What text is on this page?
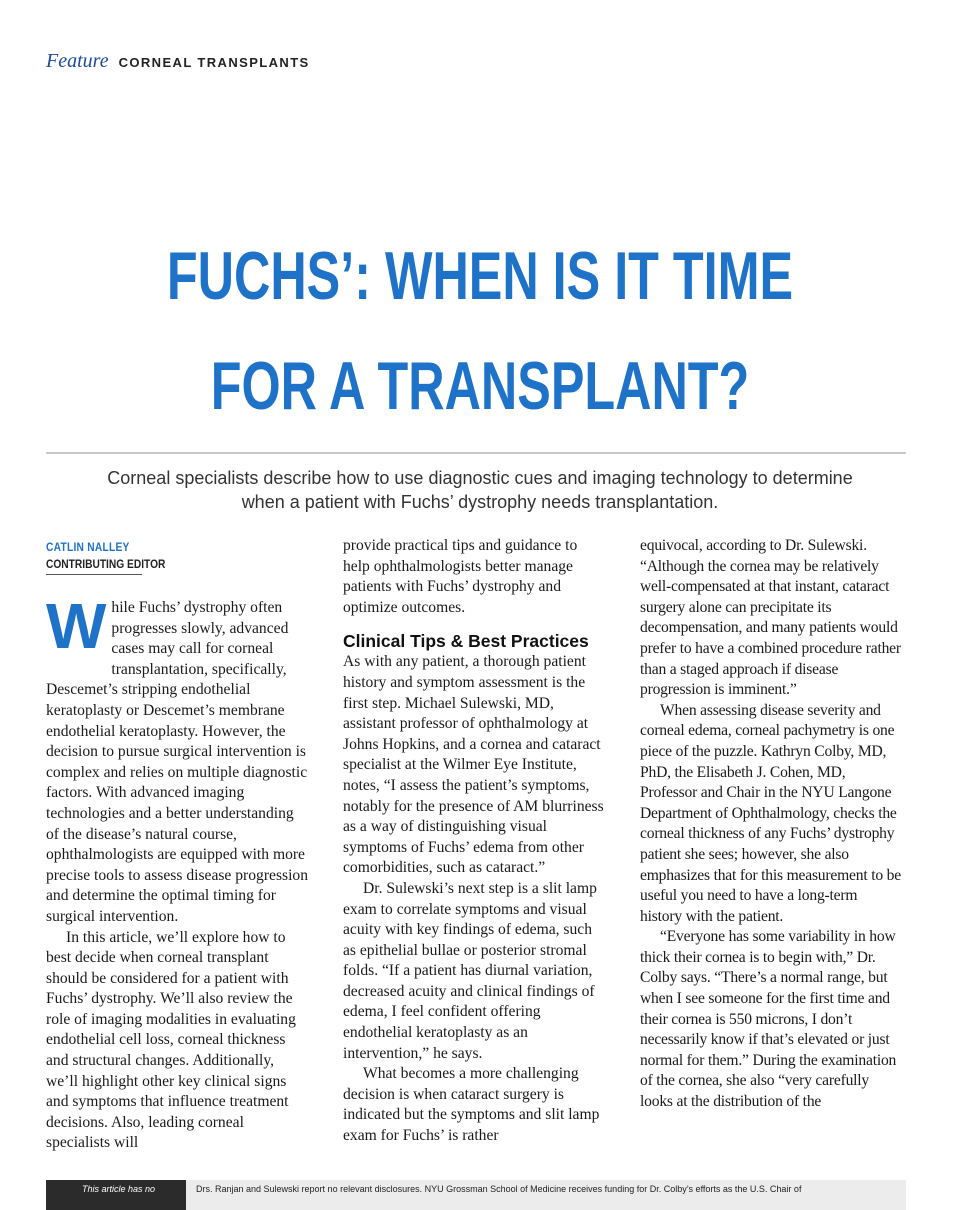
Feature CORNEAL TRANSPLANTS
FUCHS’: WHEN IS IT TIME
FOR A TRANSPLANT?
Corneal specialists describe how to use diagnostic cues and imaging technology to determine
when a patient with Fuchs’ dystrophy needs transplantation.
CATLIN NALLEY
CONTRIBUTING EDITOR

While Fuchs’ dystrophy often progresses slowly, advanced cases may call for corneal transplantation, specifically, Descemet’s stripping endothelial keratoplasty or Descemet’s membrane endothelial keratoplasty. However, the decision to pursue surgical intervention is complex and relies on multiple diagnostic factors. With advanced imaging technologies and a better understanding of the disease’s natural course, ophthalmologists are equipped with more precise tools to assess disease progression and determine the optimal timing for surgical intervention.

In this article, we’ll explore how to best decide when corneal transplant should be considered for a patient with Fuchs’ dystrophy. We’ll also review the role of imaging modalities in evaluating endothelial cell loss, corneal thickness and structural changes. Additionally, we’ll highlight other key clinical signs and symptoms that influence treatment decisions. Also, leading corneal specialists will

provide practical tips and guidance to help ophthalmologists better manage patients with Fuchs’ dystrophy and optimize outcomes.

Clinical Tips & Best Practices

As with any patient, a thorough patient history and symptom assessment is the first step. Michael Sulewski, MD, assistant professor of ophthalmology at Johns Hopkins, and a cornea and cataract specialist at the Wilmer Eye Institute, notes, “I assess the patient’s symptoms, notably for the presence of AM blurriness as a way of distinguishing visual symptoms of Fuchs’ edema from other comorbidities, such as cataract.”

Dr. Sulewski’s next step is a slit lamp exam to correlate symptoms and visual acuity with key findings of edema, such as epithelial bullae or posterior stromal folds. “If a patient has diurnal variation, decreased acuity and clinical findings of edema, I feel confident offering endothelial keratoplasty as an intervention,” he says.

What becomes a more challenging decision is when cataract surgery is indicated but the symptoms and slit lamp exam for Fuchs’ is rather

equivocal, according to Dr. Sulewski. “Although the cornea may be relatively well-compensated at that instant, cataract surgery alone can precipitate its decompensation, and many patients would prefer to have a combined procedure rather than a staged approach if disease progression is imminent.”

When assessing disease severity and corneal edema, corneal pachymetry is one piece of the puzzle. Kathryn Colby, MD, PhD, the Elisabeth J. Cohen, MD, Professor and Chair in the NYU Langone Department of Ophthalmology, checks the corneal thickness of any Fuchs’ dystrophy patient she sees; however, she also emphasizes that for this measurement to be useful you need to have a long-term history with the patient.

“Everyone has some variability in how thick their cornea is to begin with,” Dr. Colby says. “There’s a normal range, but when I see someone for the first time and their cornea is 550 microns, I don’t necessarily know if that’s elevated or just normal for them.” During the examination of the cornea, she also “very carefully looks at the distribution of the

This article has no	Drs. Ranjan and Sulewski report no relevant disclosures. NYU Grossman School of Medicine receives funding for Dr. Colby’s efforts as the U.S. Chair of
